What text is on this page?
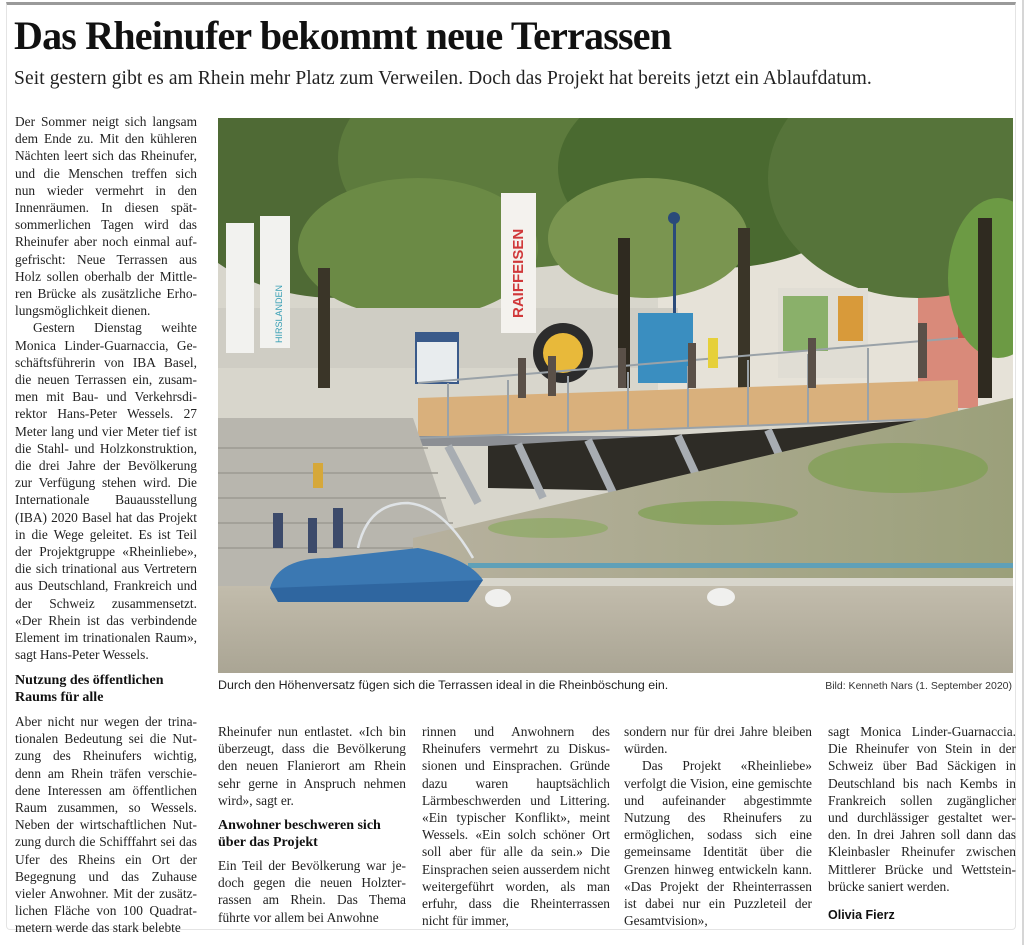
Das Rheinufer bekommt neue Terrassen
Seit gestern gibt es am Rhein mehr Platz zum Verweilen. Doch das Projekt hat bereits jetzt ein Ablaufdatum.

Der Sommer neigt sich langsam dem Ende zu. Mit den kühleren Nächten leert sich das Rheinufer, und die Menschen treffen sich nun wieder vermehrt in den Innenräumen. In diesen spätsommerlichen Tagen wird das Rheinufer aber noch einmal aufgefrischt: Neue Terrassen aus Holz sollen oberhalb der Mittleren Brücke als zusätzliche Erholungsmöglichkeit dienen.

Gestern Dienstag weihte Monica Linder-Guarnaccia, Geschäftsführerin von IBA Basel, die neuen Terrassen ein, zusammen mit Bau- und Verkehrsdirektor Hans-Peter Wessels. 27 Meter lang und vier Meter tief ist die Stahl- und Holzkonstruktion, die drei Jahre der Bevölkerung zur Verfügung stehen wird. Die Internationale Bauausstellung (IBA) 2020 Basel hat das Projekt in die Wege geleitet. Es ist Teil der Projektgruppe «Rheinliebe», die sich trinational aus Vertretern aus Deutschland, Frankreich und der Schweiz zusammensetzt. «Der Rhein ist das verbindende Element im trinationalen Raum», sagt Hans-Peter Wessels.

Nutzung des öffentlichen Raums für alle

Aber nicht nur wegen der trinationalen Bedeutung sei die Nutzung des Rheinufers wichtig, denn am Rhein träfen verschiedene Interessen am öffentlichen Raum zusammen, so Wessels. Neben der wirtschaftlichen Nutzung durch die Schifffahrt sei das Ufer des Rheins ein Ort der Begegnung und das Zuhause vieler Anwohner. Mit der zusätzlichen Fläche von 100 Quadratmetern werde das stark belebte

RAIFFEISEN
HIRSLANDEN
Durch den Höhenversatz fügen sich die Terrassen ideal in die Rheinböschung ein.	Bild: Kenneth Nars (1. September 2020)

Rheinufer nun entlastet. «Ich bin überzeugt, dass die Bevölkerung den neuen Flanierort am Rhein sehr gerne in Anspruch nehmen wird», sagt er.

Anwohner beschweren sich über das Projekt

Ein Teil der Bevölkerung war jedoch gegen die neuen Holzterrassen am Rhein. Das Thema führte vor allem bei Anwohne

rinnen und Anwohnern des Rheinufers vermehrt zu Diskussionen und Einsprachen. Gründe dazu waren hauptsächlich Lärmbeschwerden und Littering. «Ein typischer Konflikt», meint Wessels. «Ein solch schöner Ort soll aber für alle da sein.» Die Einsprachen seien ausserdem nicht weitergeführt worden, als man erfuhr, dass die Rheinterrassen nicht für immer,

sondern nur für drei Jahre bleiben würden.

Das Projekt «Rheinliebe» verfolgt die Vision, eine gemischte und aufeinander abgestimmte Nutzung des Rheinufers zu ermöglichen, sodass sich eine gemeinsame Identität über die Grenzen hinweg entwickeln kann. «Das Projekt der Rheinterrassen ist dabei nur ein Puzzleteil der Gesamtvision»,

sagt Monica Linder-Guarnaccia. Die Rheinufer von Stein in der Schweiz über Bad Säckigen in Deutschland bis nach Kembs in Frankreich sollen zugänglicher und durchlässiger gestaltet werden. In drei Jahren soll dann das Kleinbasler Rheinufer zwischen Mittlerer Brücke und Wettsteinbrücke saniert werden.

Olivia Fierz
